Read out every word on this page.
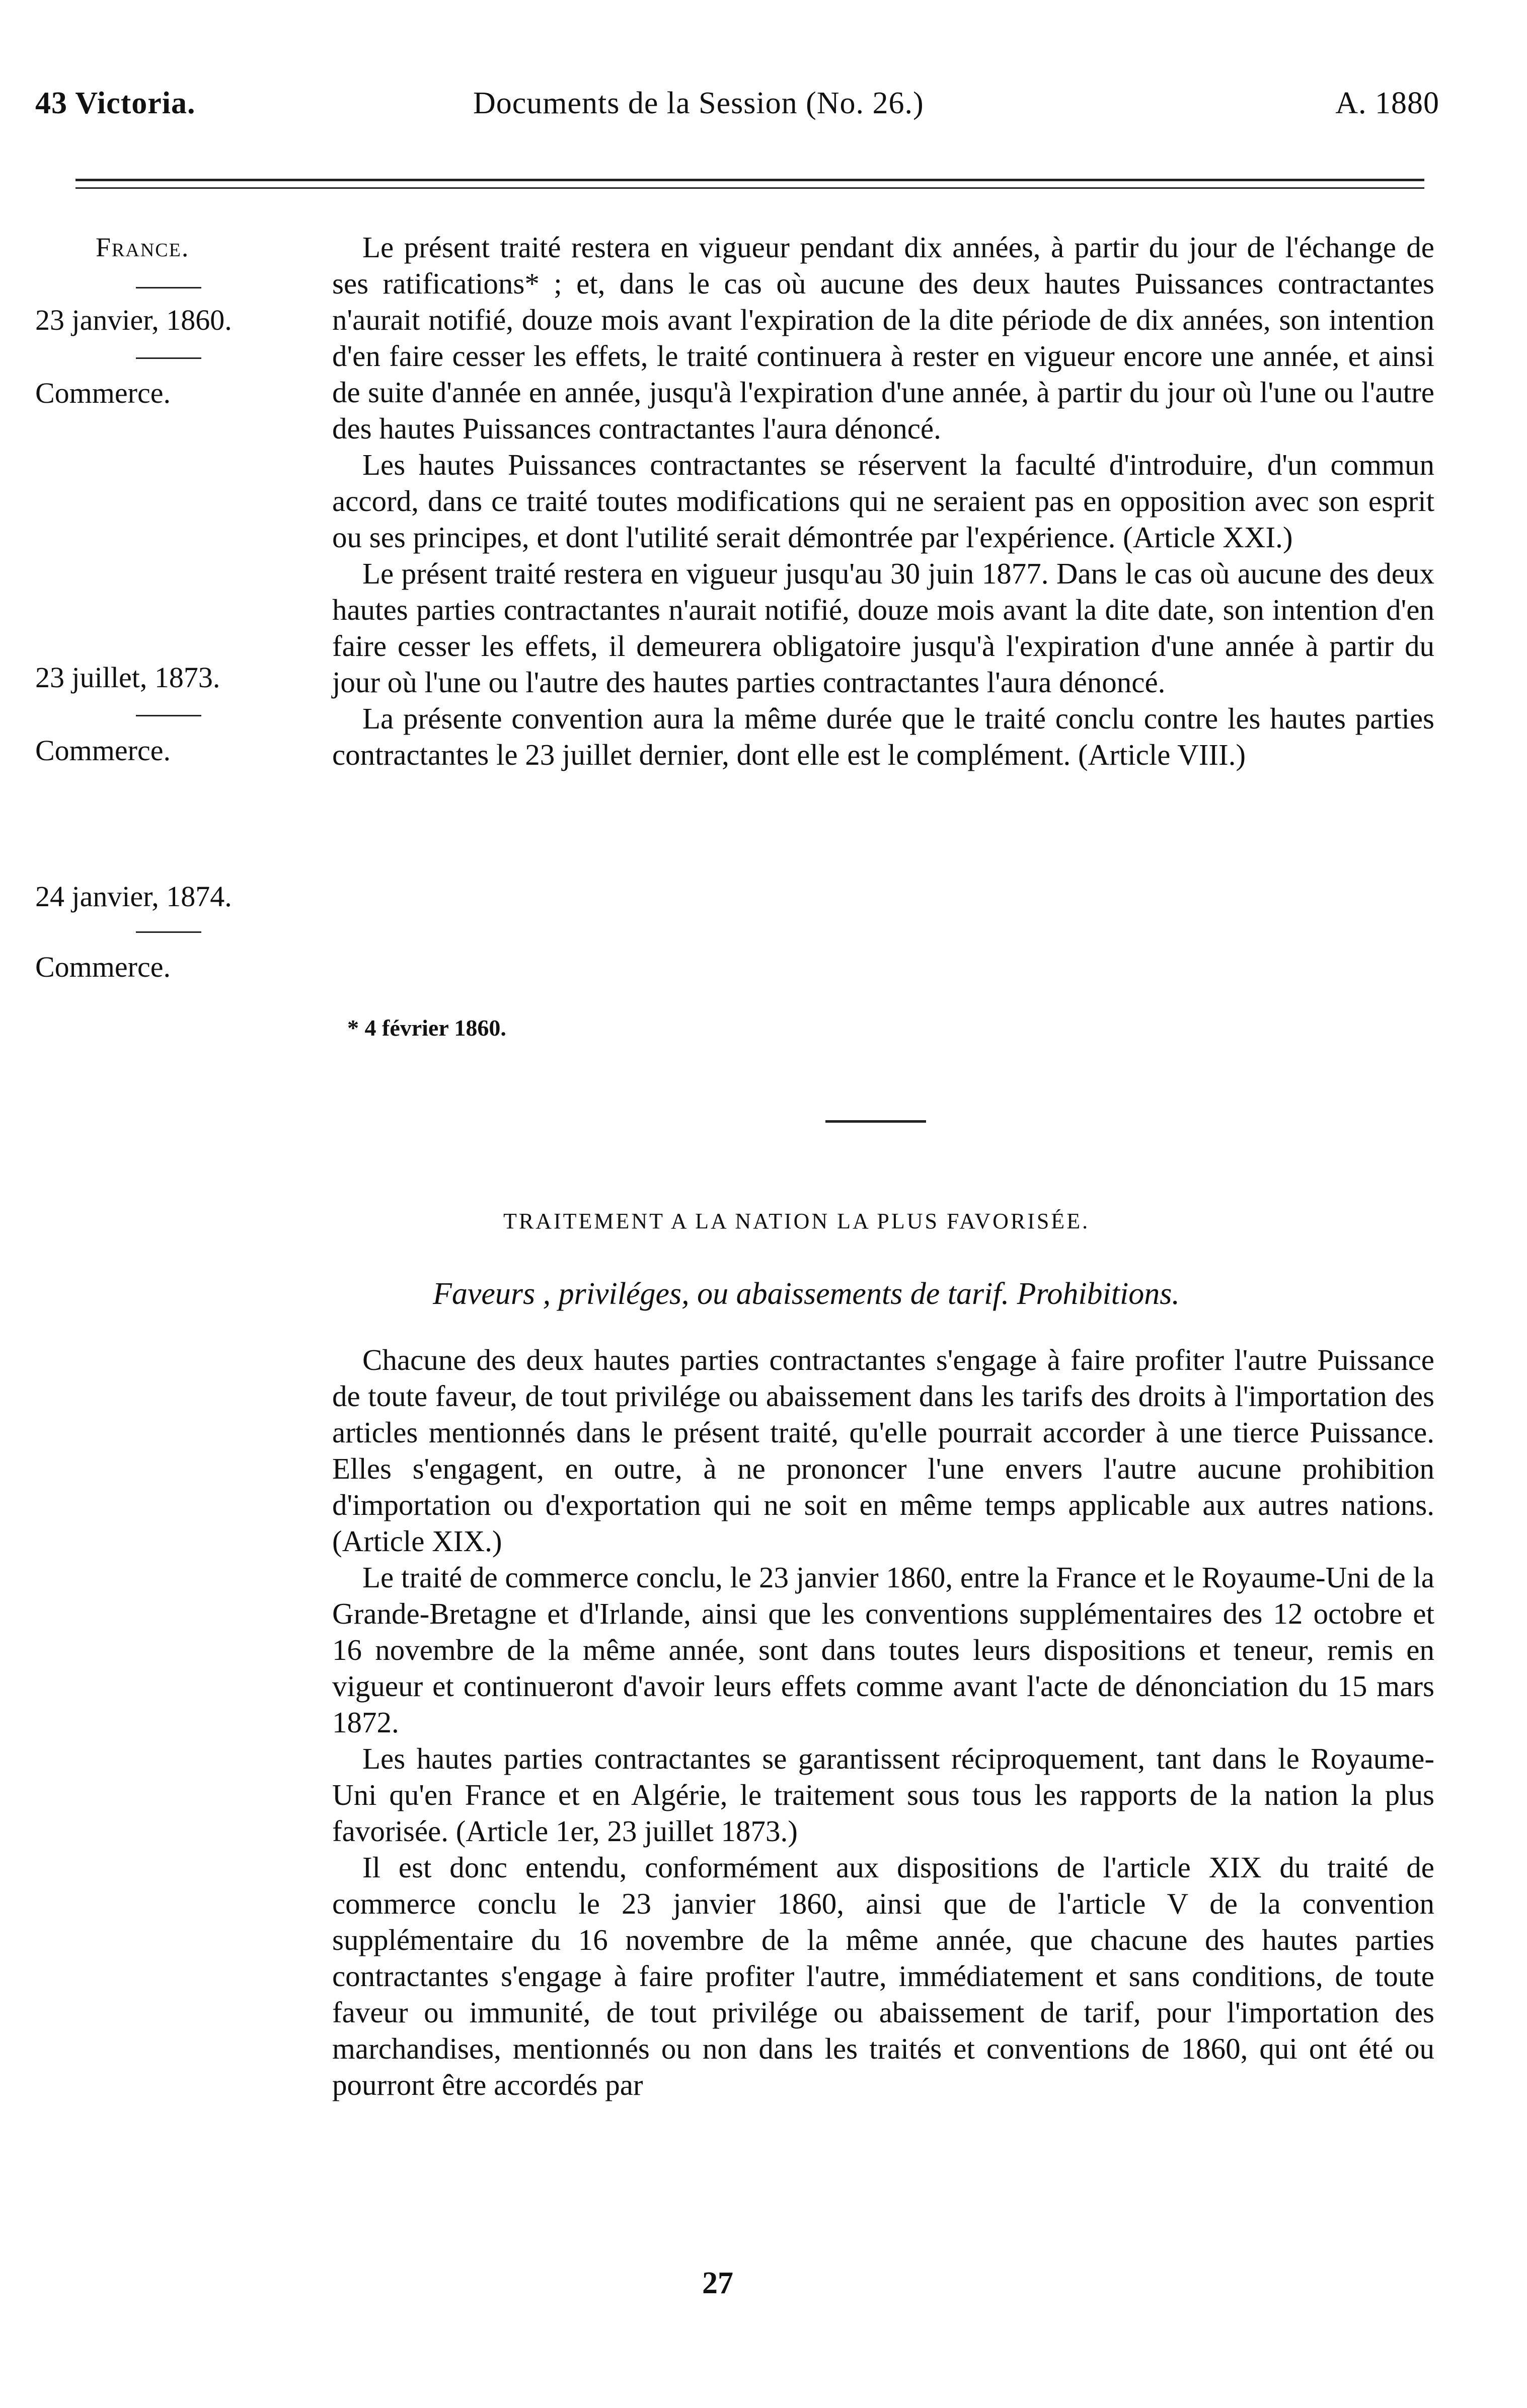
43 Victoria.	Documents de la Session (No. 26.)	A. 1880
France.
23 janvier, 1860.
Commerce.
23 juillet, 1873.
Commerce.
24 janvier, 1874.
Commerce.

Le présent traité restera en vigueur pendant dix années, à partir du jour de l'échange de ses ratifications* ; et, dans le cas où aucune des deux hautes Puissances contractantes n'aurait notifié, douze mois avant l'expiration de la dite période de dix années, son intention d'en faire cesser les effets, le traité continuera à rester en vigueur encore une année, et ainsi de suite d'année en année, jusqu'à l'expiration d'une année, à partir du jour où l'une ou l'autre des hautes Puissances contractantes l'aura dénoncé.

Les hautes Puissances contractantes se réservent la faculté d'introduire, d'un commun accord, dans ce traité toutes modifications qui ne seraient pas en opposition avec son esprit ou ses principes, et dont l'utilité serait démontrée par l'expérience. (Article XXI.)

Le présent traité restera en vigueur jusqu'au 30 juin 1877. Dans le cas où aucune des deux hautes parties contractantes n'aurait notifié, douze mois avant la dite date, son intention d'en faire cesser les effets, il demeurera obligatoire jusqu'à l'expiration d'une année à partir du jour où l'une ou l'autre des hautes parties contractantes l'aura dénoncé.

La présente convention aura la même durée que le traité conclu contre les hautes parties contractantes le 23 juillet dernier, dont elle est le complément. (Article VIII.)

* 4 février 1860.
TRAITEMENT A LA NATION LA PLUS FAVORISÉE.
Faveurs , priviléges, ou abaissements de tarif. Prohibitions.

Chacune des deux hautes parties contractantes s'engage à faire profiter l'autre Puissance de toute faveur, de tout privilége ou abaissement dans les tarifs des droits à l'importation des articles mentionnés dans le présent traité, qu'elle pourrait accorder à une tierce Puissance. Elles s'engagent, en outre, à ne prononcer l'une envers l'autre aucune prohibition d'importation ou d'exportation qui ne soit en même temps applicable aux autres nations. (Article XIX.)

Le traité de commerce conclu, le 23 janvier 1860, entre la France et le Royaume-Uni de la Grande-Bretagne et d'Irlande, ainsi que les conventions supplémentaires des 12 octobre et 16 novembre de la même année, sont dans toutes leurs dispositions et teneur, remis en vigueur et continueront d'avoir leurs effets comme avant l'acte de dénonciation du 15 mars 1872.

Les hautes parties contractantes se garantissent réciproquement, tant dans le Royaume-Uni qu'en France et en Algérie, le traitement sous tous les rapports de la nation la plus favorisée. (Article 1er, 23 juillet 1873.)

Il est donc entendu, conformément aux dispositions de l'article XIX du traité de commerce conclu le 23 janvier 1860, ainsi que de l'article V de la convention supplémentaire du 16 novembre de la même année, que chacune des hautes parties contractantes s'engage à faire profiter l'autre, immédiatement et sans conditions, de toute faveur ou immunité, de tout privilége ou abaissement de tarif, pour l'importation des marchandises, mentionnés ou non dans les traités et conventions de 1860, qui ont été ou pourront être accordés par

27
